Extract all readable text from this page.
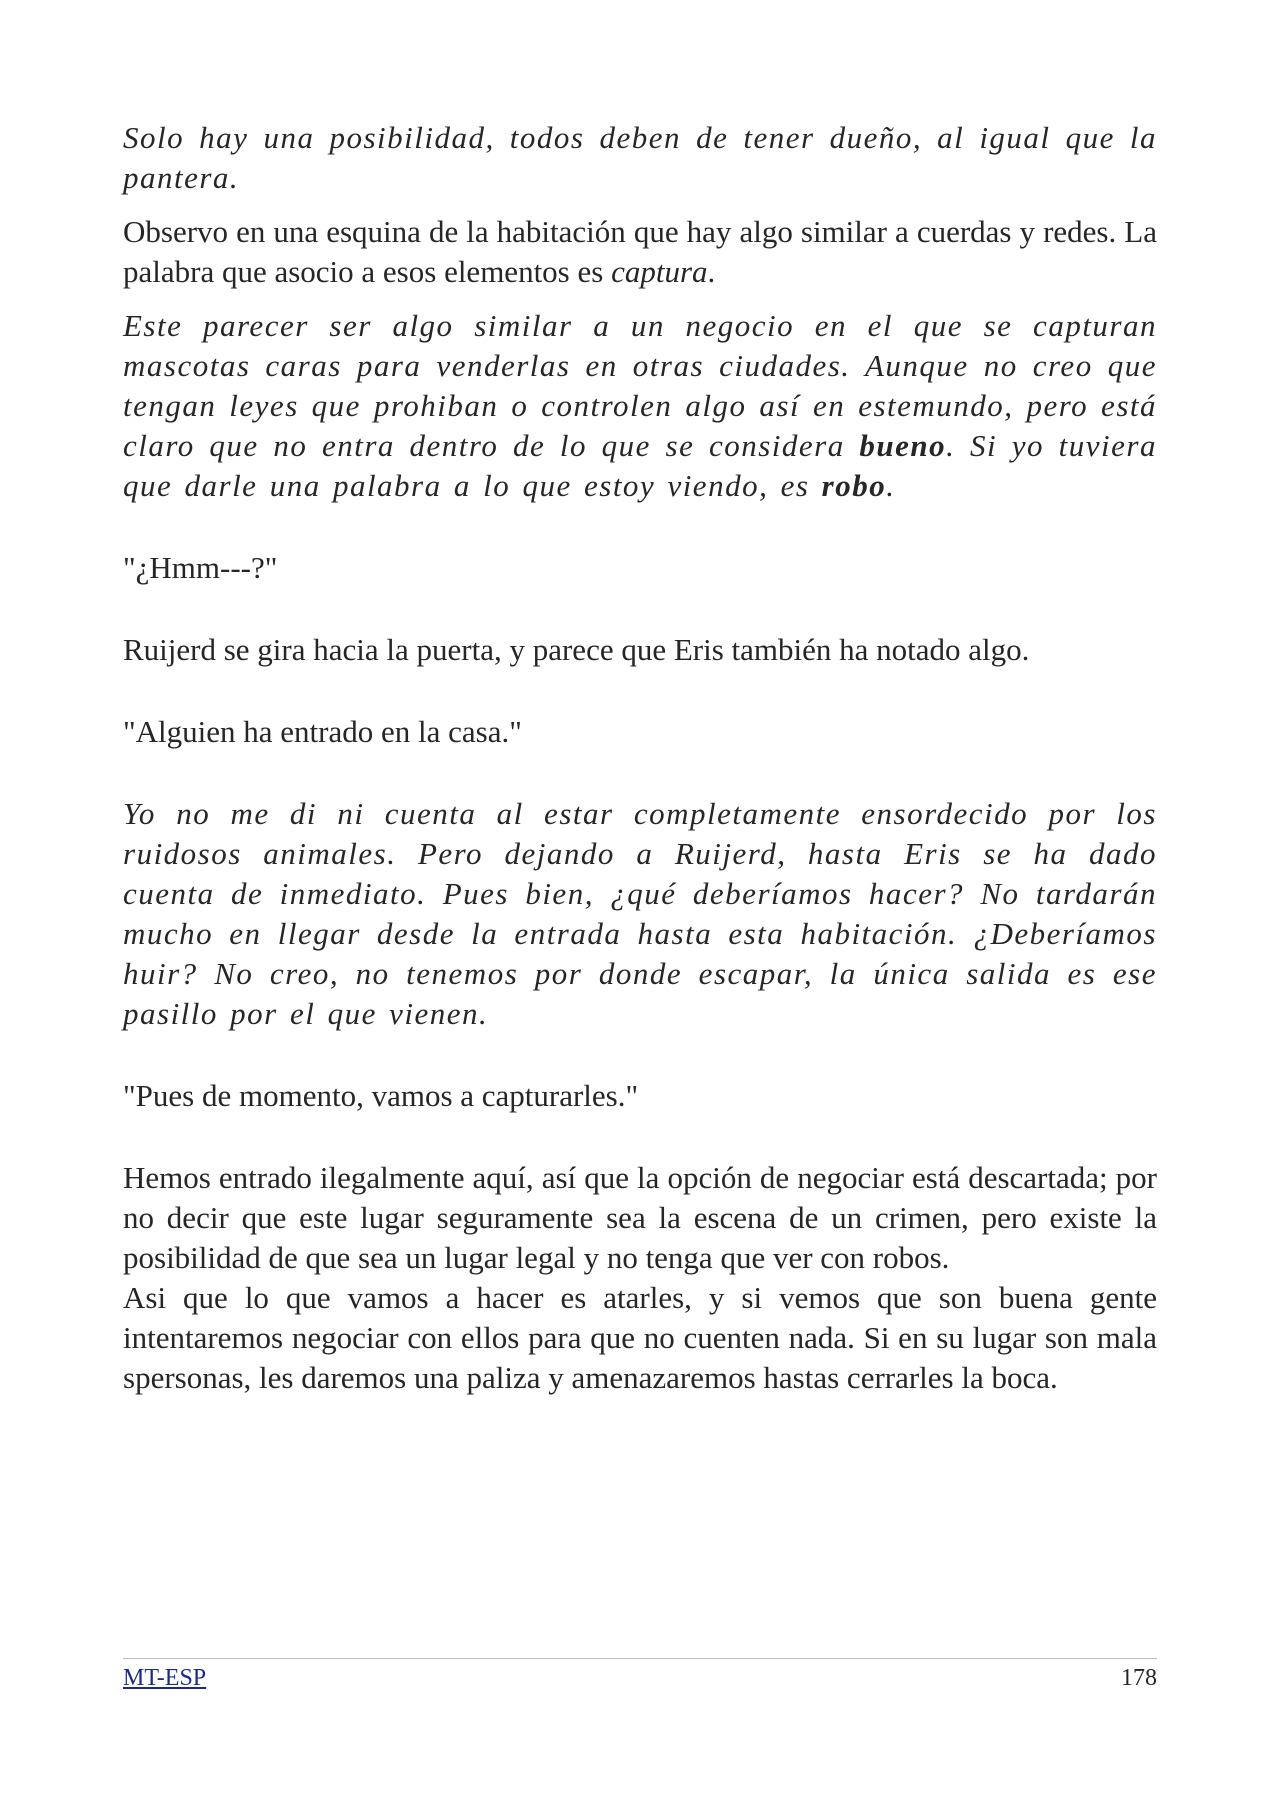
Solo hay una posibilidad, todos deben de tener dueño, al igual que la pantera.

Observo en una esquina de la habitación que hay algo similar a cuerdas y redes. La palabra que asocio a esos elementos es captura.

Este parecer ser algo similar a un negocio en el que se capturan mascotas caras para venderlas en otras ciudades. Aunque no creo que tengan leyes que prohiban o controlen algo así en estemundo, pero está claro que no entra dentro de lo que se considera bueno. Si yo tuviera que darle una palabra a lo que estoy viendo, es robo.

"¿Hmm---?"

Ruijerd se gira hacia la puerta, y parece que Eris también ha notado algo.

"Alguien ha entrado en la casa."

Yo no me di ni cuenta al estar completamente ensordecido por los ruidosos animales. Pero dejando a Ruijerd, hasta Eris se ha dado cuenta de inmediato. Pues bien, ¿qué deberíamos hacer? No tardarán mucho en llegar desde la entrada hasta esta habitación. ¿Deberíamos huir? No creo, no tenemos por donde escapar, la única salida es ese pasillo por el que vienen.

"Pues de momento, vamos a capturarles."

Hemos entrado ilegalmente aquí, así que la opción de negociar está descartada; por no decir que este lugar seguramente sea la escena de un crimen, pero existe la posibilidad de que sea un lugar legal y no tenga que ver con robos.

Asi que lo que vamos a hacer es atarles, y si vemos que son buena gente intentaremos negociar con ellos para que no cuenten nada. Si en su lugar son mala spersonas, les daremos una paliza y amenazaremos hastas cerrarles la boca.

MT-ESP	178
